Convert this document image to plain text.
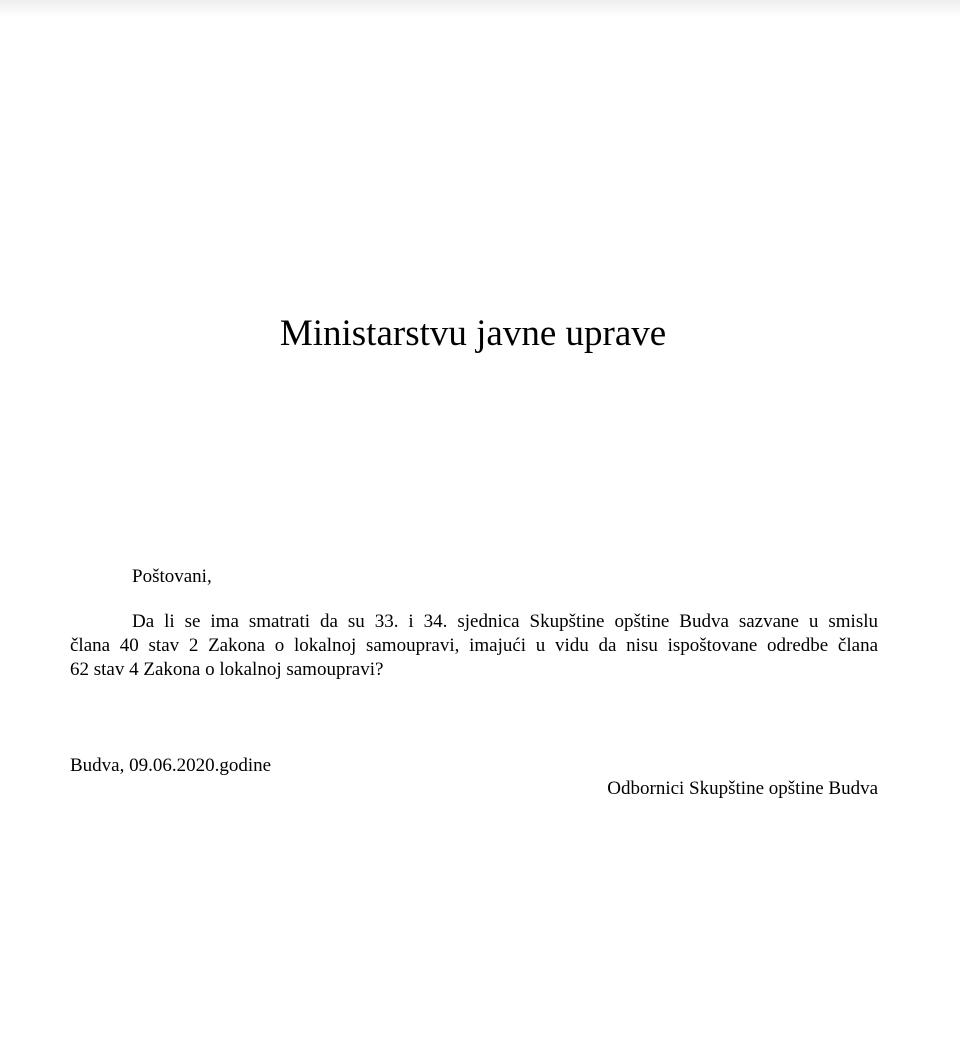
Ministarstvu javne uprave
Poštovani,
Da li se ima smatrati da su 33. i 34. sjednica Skupštine opštine Budva sazvane u smislu
člana 40 stav 2 Zakona o lokalnoj samoupravi, imajući u vidu da nisu ispoštovane odredbe člana
62 stav 4 Zakona o lokalnoj samoupravi?
Budva, 09.06.2020.godine
Odbornici Skupštine opštine Budva
